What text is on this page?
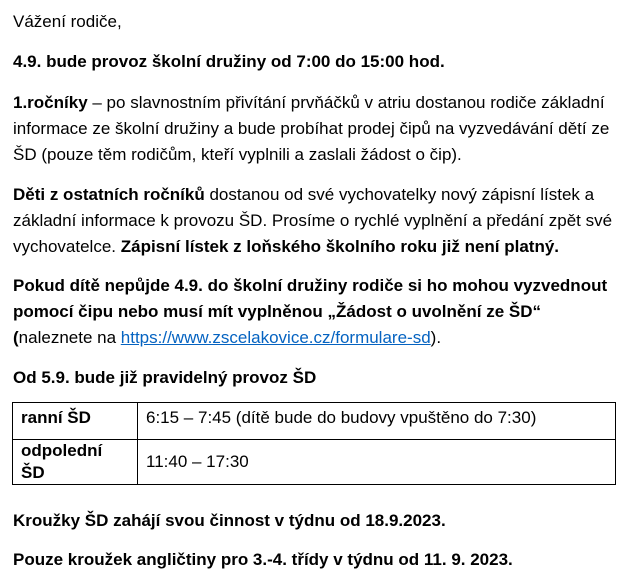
Vážení rodiče,

4.9. bude provoz školní družiny od 7:00 do 15:00 hod.

1.ročníky – po slavnostním přivítání prvňáčků v atriu dostanou rodiče základní informace ze školní družiny a bude probíhat prodej čipů na vyzvedávání dětí ze ŠD (pouze těm rodičům, kteří vyplnili a zaslali žádost o čip).

Děti z ostatních ročníků dostanou od své vychovatelky nový zápisní lístek a základní informace k provozu ŠD. Prosíme o rychlé vyplnění a předání zpět své vychovatelce. Zápisní lístek z loňského školního roku již není platný.

Pokud dítě nepůjde 4.9. do školní družiny rodiče si ho mohou vyzvednout pomocí čipu nebo musí mít vyplněnou „Žádost o uvolnění ze ŠD“ (naleznete na https://www.zscelakovice.cz/formulare-sd).

Od 5.9. bude již pravidelný provoz ŠD

ranní ŠD	6:15 – 7:45 (dítě bude do budovy vpuštěno do 7:30)
odpolední ŠD	11:40 – 17:30

Kroužky ŠD zahájí svou činnost v týdnu od 18.9.2023.

Pouze kroužek angličtiny pro 3.-4. třídy v týdnu od 11. 9. 2023.
